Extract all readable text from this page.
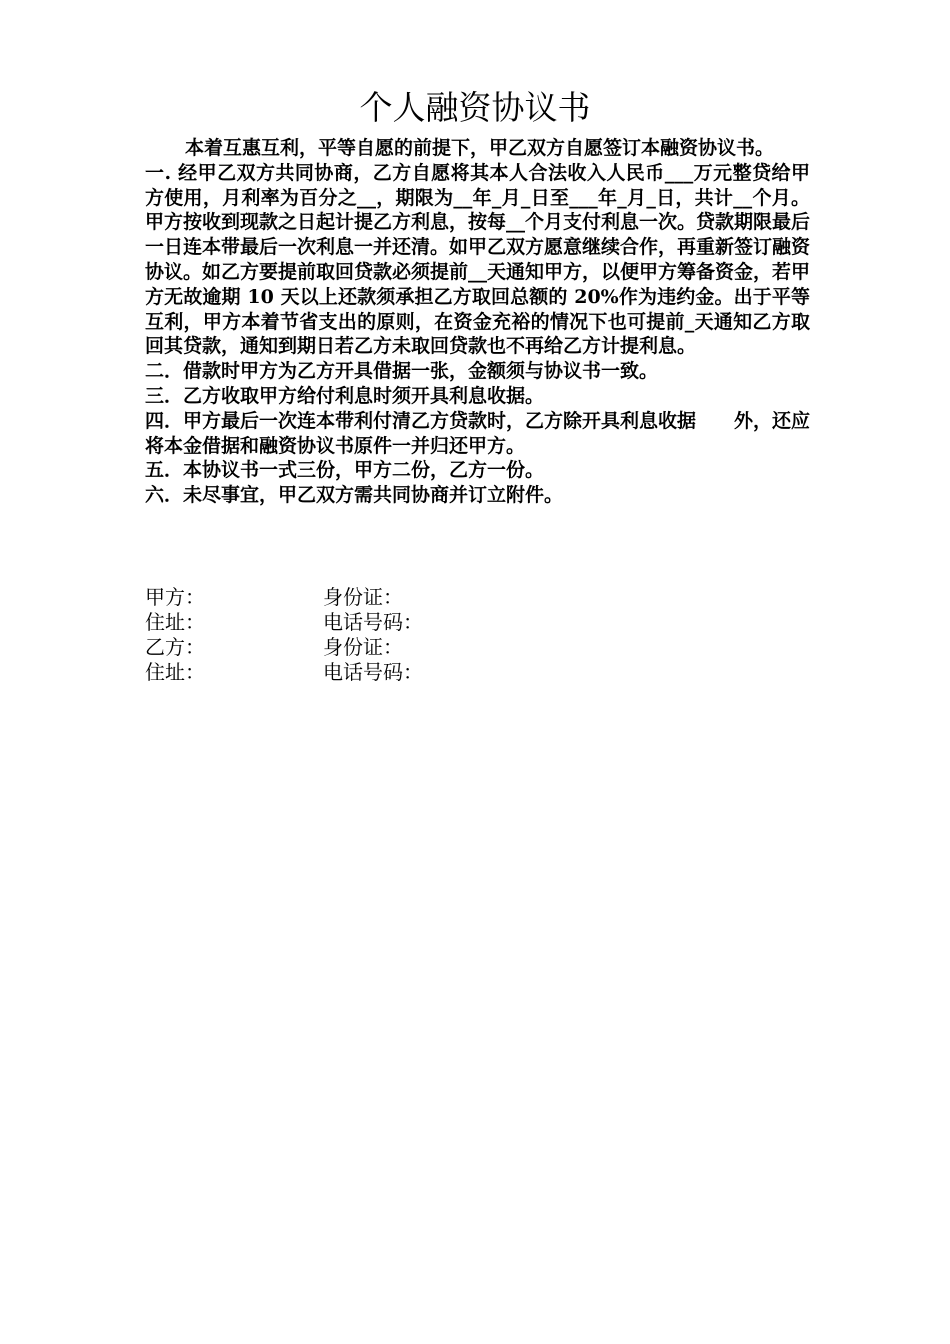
个人融资协议书

本着互惠互利，平等自愿的前提下，甲乙双方自愿签订本融资协议书。

一. 经甲乙双方共同协商，乙方自愿将其本人合法收入人民币___万元整贷给甲方使用，月利率为百分之__，期限为__年_月_日至___年_月_日，共计__个月。甲方按收到现款之日起计提乙方利息，按每__个月支付利息一次。贷款期限最后一日连本带最后一次利息一并还清。如甲乙双方愿意继续合作，再重新签订融资协议。如乙方要提前取回贷款必须提前__天通知甲方，以便甲方筹备资金，若甲方无故逾期 10 天以上还款须承担乙方取回总额的 20%作为违约金。出于平等互利，甲方本着节省支出的原则，在资金充裕的情况下也可提前_天通知乙方取回其贷款，通知到期日若乙方未取回贷款也不再给乙方计提利息。

二．借款时甲方为乙方开具借据一张，金额须与协议书一致。

三．乙方收取甲方给付利息时须开具利息收据。

四．甲方最后一次连本带利付清乙方贷款时，乙方除开具利息收据　　外，还应将本金借据和融资协议书原件一并归还甲方。

五．本协议书一式三份，甲方二份，乙方一份。

六．未尽事宜，甲乙双方需共同协商并订立附件。

甲方：	身份证：
住址：	电话号码：
乙方：	身份证：
住址：	电话号码：
